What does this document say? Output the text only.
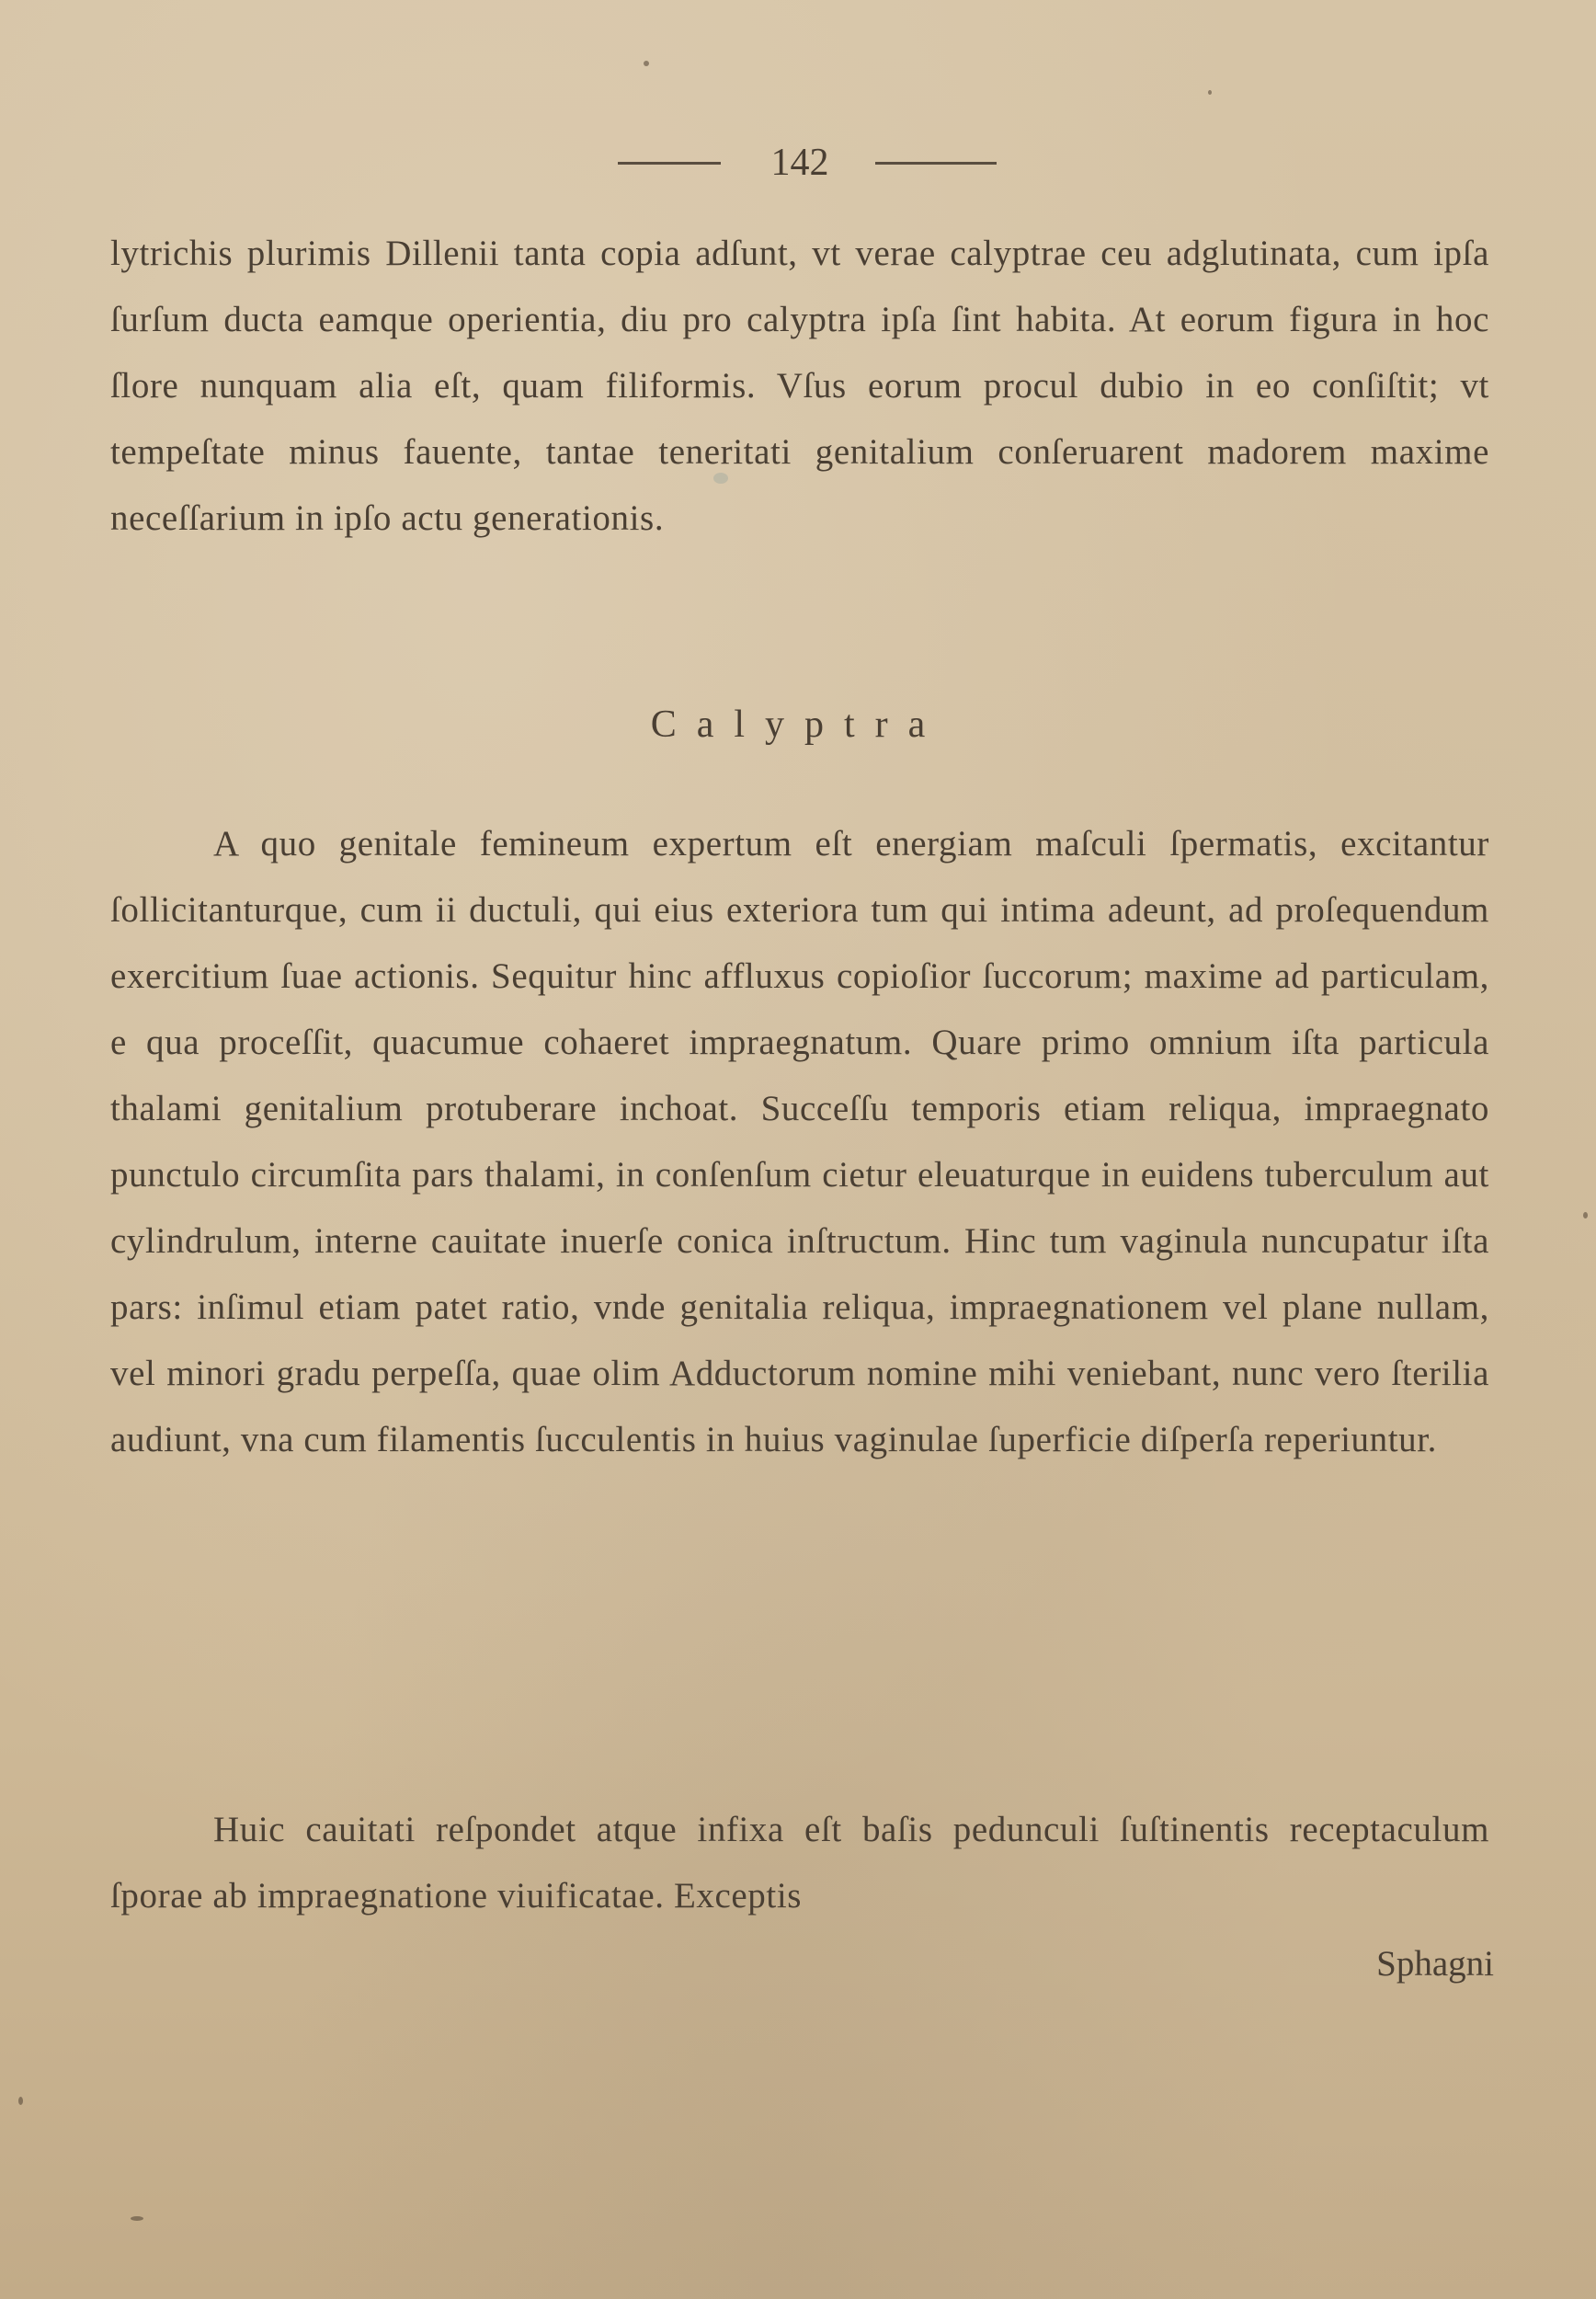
142

lytrichis plurimis Dillenii tanta copia adſunt, vt verae calyptrae ceu adglutinata, cum ipſa ſurſum ducta eamque operientia, diu pro calyptra ipſa ſint habita. At eorum figura in hoc ſlore nunquam alia eſt, quam filiformis. Vſus eorum procul dubio in eo conſiſtit; vt tempeſtate minus fauente, tantae teneritati genitalium conſeruarent madorem maxime neceſſarium in ipſo actu generationis.

Calyptra

A quo genitale femineum expertum eſt energiam maſculi ſpermatis, excitantur ſollicitanturque, cum ii ductuli, qui eius exteriora tum qui intima adeunt, ad proſequendum exercitium ſuae actionis. Sequitur hinc affluxus copioſior ſuccorum; maxime ad particulam, e qua proceſſit, quacumue cohaeret impraegnatum. Quare primo omnium iſta particula thalami genitalium protuberare inchoat. Succeſſu temporis etiam reliqua, impraegnato punctulo circumſita pars thalami, in conſenſum cietur eleuaturque in euidens tuberculum aut cylindrulum, interne cauitate inuerſe conica inſtructum. Hinc tum vaginula nuncupatur iſta pars: inſimul etiam patet ratio, vnde genitalia reliqua, impraegnationem vel plane nullam, vel minori gradu perpeſſa, quae olim Adductorum nomine mihi veniebant, nunc vero ſterilia audiunt, vna cum filamentis ſucculentis in huius vaginulae ſuperficie diſperſa reperiuntur.

Huic cauitati reſpondet atque infixa eſt baſis pedunculi ſuſtinentis receptaculum ſporae ab impraegnatione viuificatae. Exceptis

Sphagni
